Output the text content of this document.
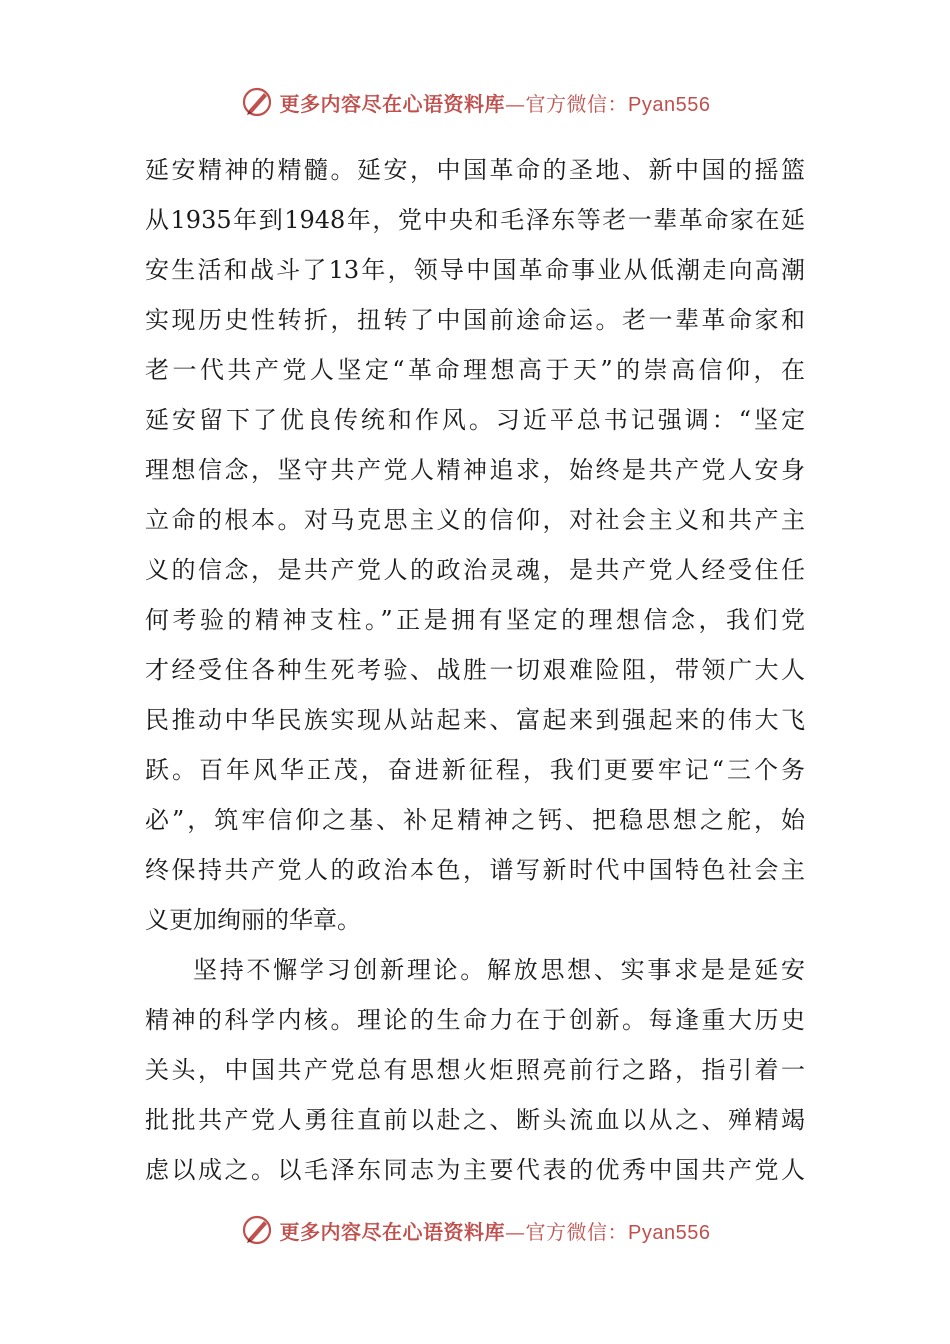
更多内容尽在心语资料库—官方微信：Pyan556
延安精神的精髓。延安，中国革命的圣地、新中国的摇篮
从1935年到1948年，党中央和毛泽东等老一辈革命家在延
安生活和战斗了13年，领导中国革命事业从低潮走向高潮
实现历史性转折，扭转了中国前途命运。老一辈革命家和
老一代共产党人坚定“革命理想高于天”的崇高信仰，在
延安留下了优良传统和作风。习近平总书记强调：“坚定
理想信念，坚守共产党人精神追求，始终是共产党人安身
立命的根本。对马克思主义的信仰，对社会主义和共产主
义的信念，是共产党人的政治灵魂，是共产党人经受住任
何考验的精神支柱。”正是拥有坚定的理想信念，我们党
才经受住各种生死考验、战胜一切艰难险阻，带领广大人
民推动中华民族实现从站起来、富起来到强起来的伟大飞
跃。百年风华正茂，奋进新征程，我们更要牢记“三个务
必”，筑牢信仰之基、补足精神之钙、把稳思想之舵，始
终保持共产党人的政治本色，谱写新时代中国特色社会主
义更加绚丽的华章。
坚持不懈学习创新理论。解放思想、实事求是是延安
精神的科学内核。理论的生命力在于创新。每逢重大历史
关头，中国共产党总有思想火炬照亮前行之路，指引着一
批批共产党人勇往直前以赴之、断头流血以从之、殚精竭
虑以成之。以毛泽东同志为主要代表的优秀中国共产党人
更多内容尽在心语资料库—官方微信：Pyan556
